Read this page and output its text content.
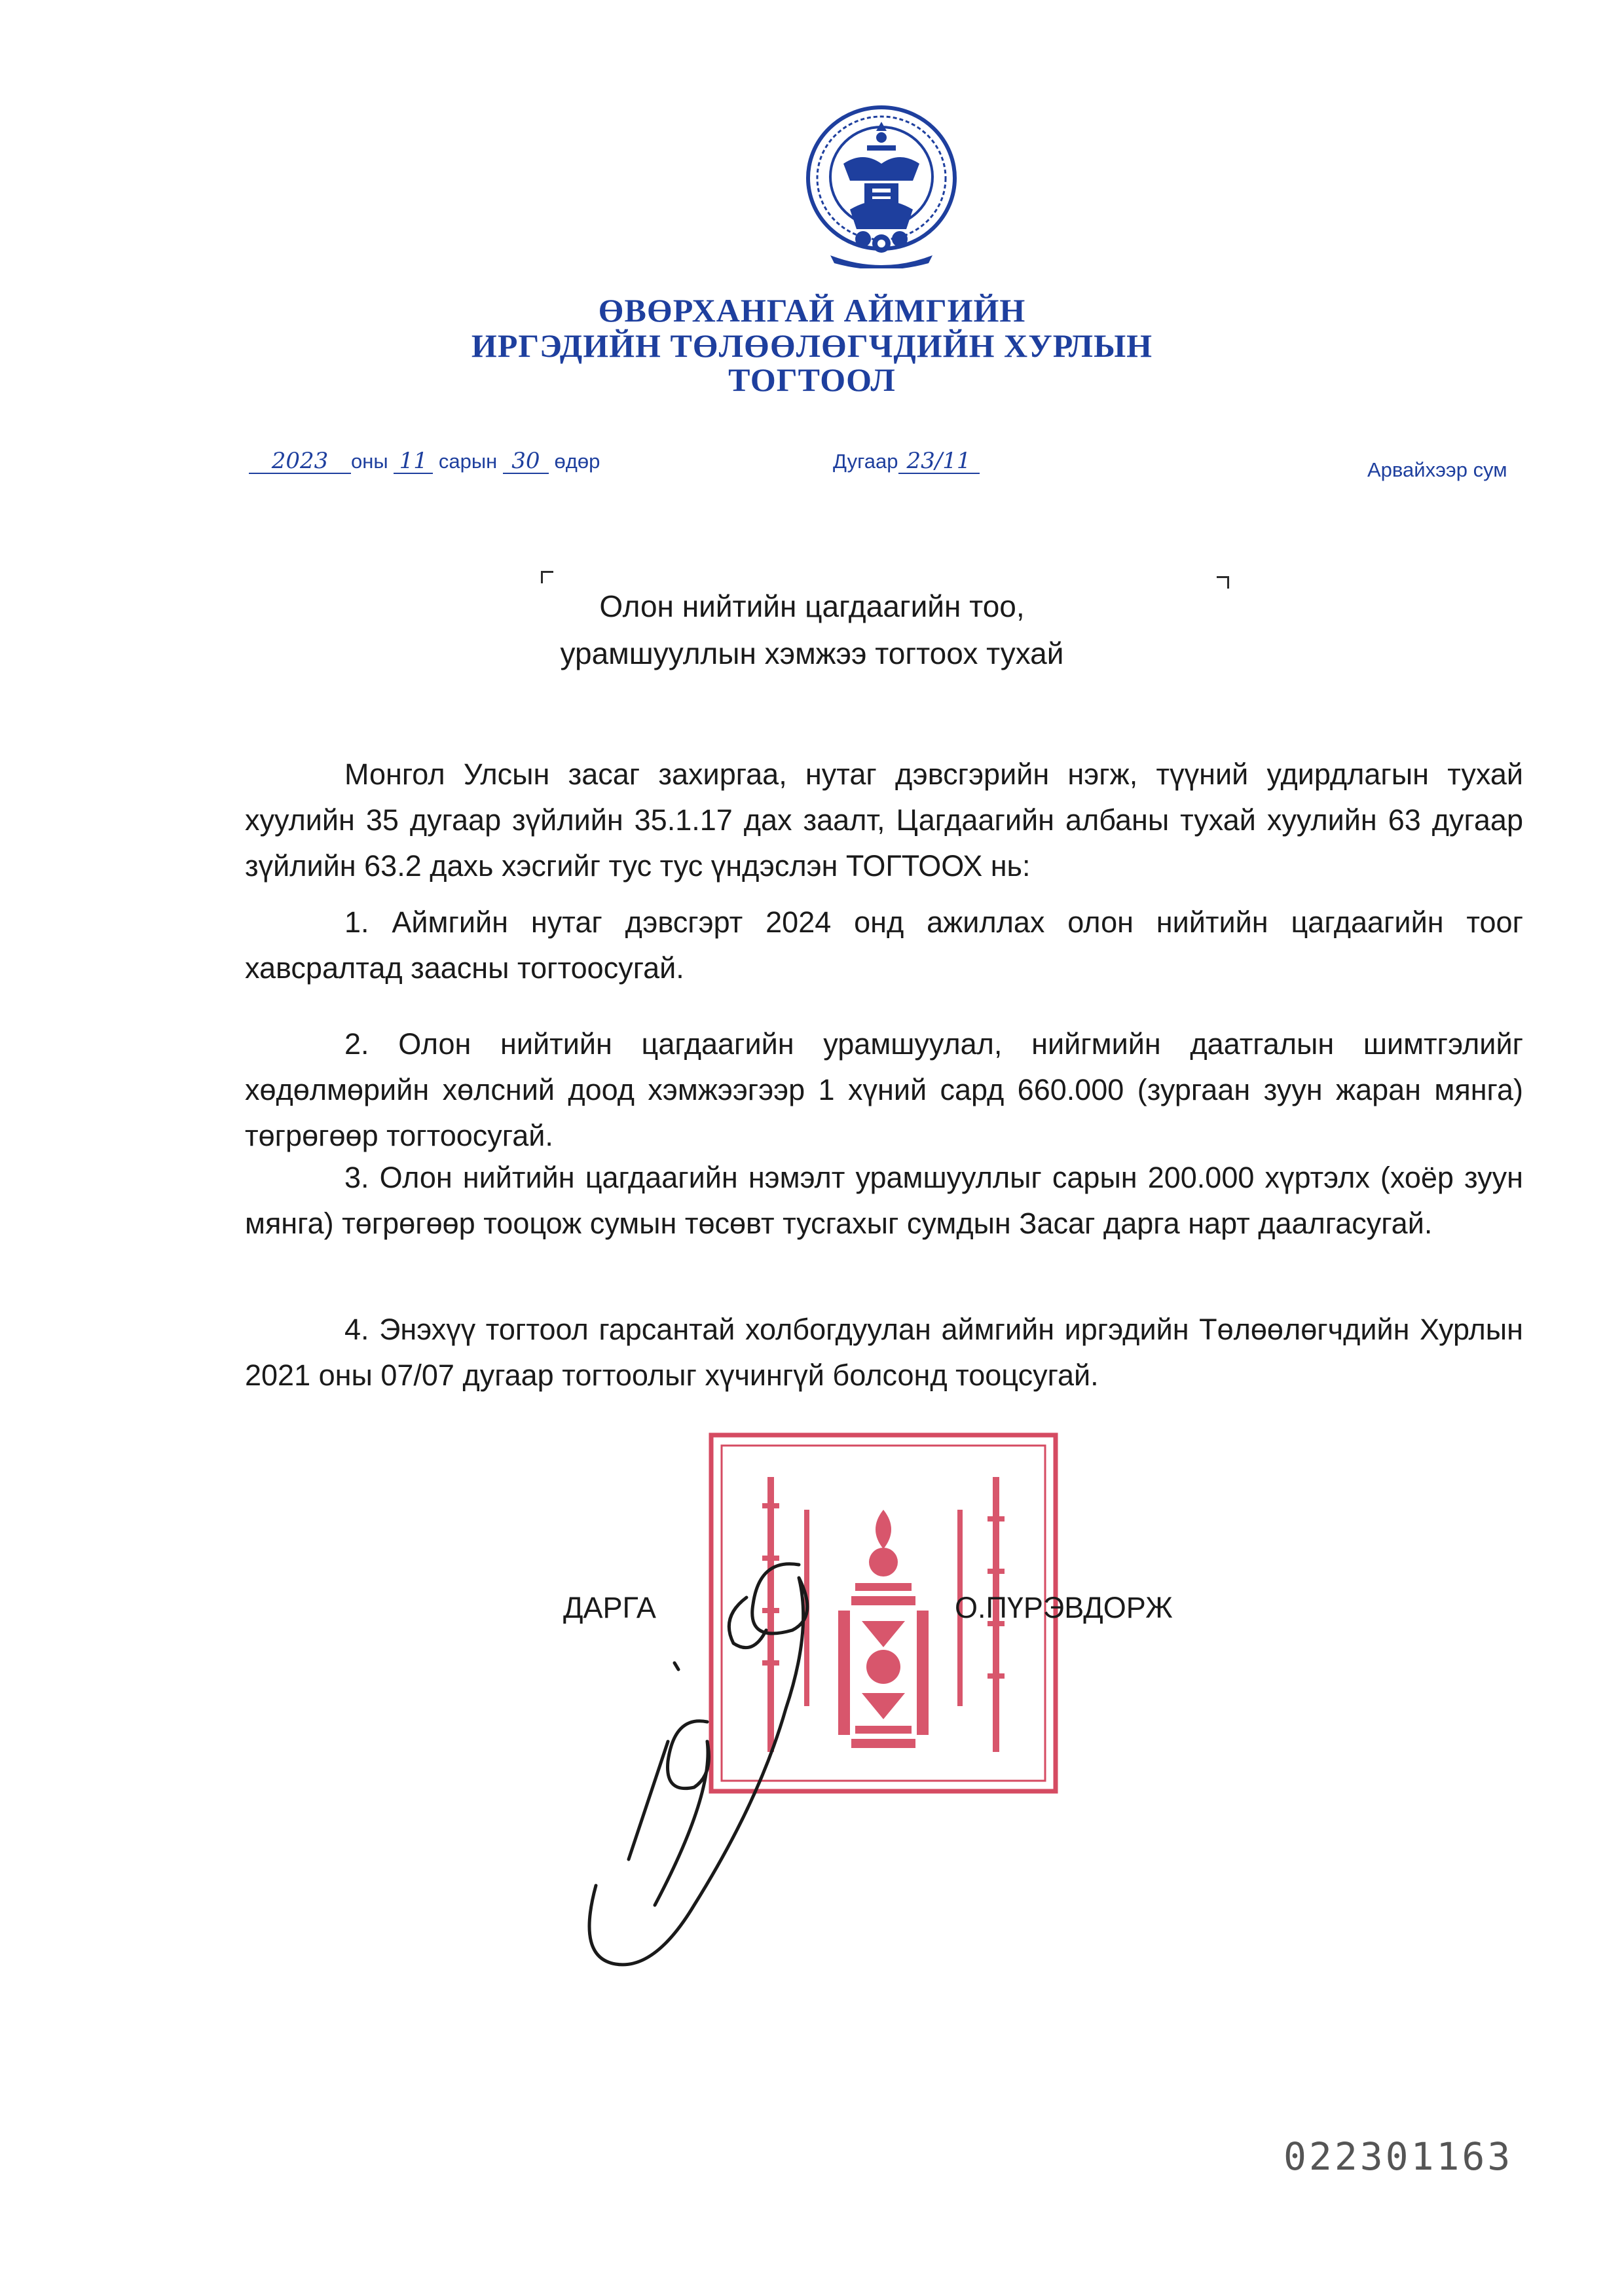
ӨВӨРХАНГАЙ АЙМГИЙН
ИРГЭДИЙН ТӨЛӨӨЛӨГЧДИЙН ХУРЛЫН
ТОГТООЛ
2023 оны 11 сарын 30 өдөр	Дугаар 23/11	Арвайхээр сум
Олон нийтийн цагдаагийн тоо,
урамшууллын хэмжээ тогтоох тухай
Монгол Улсын засаг захиргаа, нутаг дэвсгэрийн нэгж, түүний удирдлагын тухай хуулийн 35 дугаар зүйлийн 35.1.17 дах заалт, Цагдаагийн албаны тухай хуулийн 63 дугаар зүйлийн 63.2 дахь хэсгийг тус тус үндэслэн ТОГТООХ нь:
1. Аймгийн нутаг дэвсгэрт 2024 онд ажиллах олон нийтийн цагдаагийн тоог хавсралтад заасны тогтоосугай.
2. Олон нийтийн цагдаагийн урамшуулал, нийгмийн даатгалын шимтгэлийг хөдөлмөрийн хөлсний доод хэмжээгээр 1 хүний сард 660.000 (зургаан зуун жаран мянга) төгрөгөөр тогтоосугай.
3. Олон нийтийн цагдаагийн нэмэлт урамшууллыг сарын 200.000 хүртэлх (хоёр зуун мянга) төгрөгөөр тооцож сумын төсөвт тусгахыг сумдын Засаг дарга нарт даалгасугай.
4. Энэхүү тогтоол гарсантай холбогдуулан аймгийн иргэдийн Төлөөлөгчдийн Хурлын 2021 оны 07/07 дугаар тогтоолыг хүчингүй болсонд тооцсугай.
ДАРГА	О.ПҮРЭВДОРЖ
022301163
